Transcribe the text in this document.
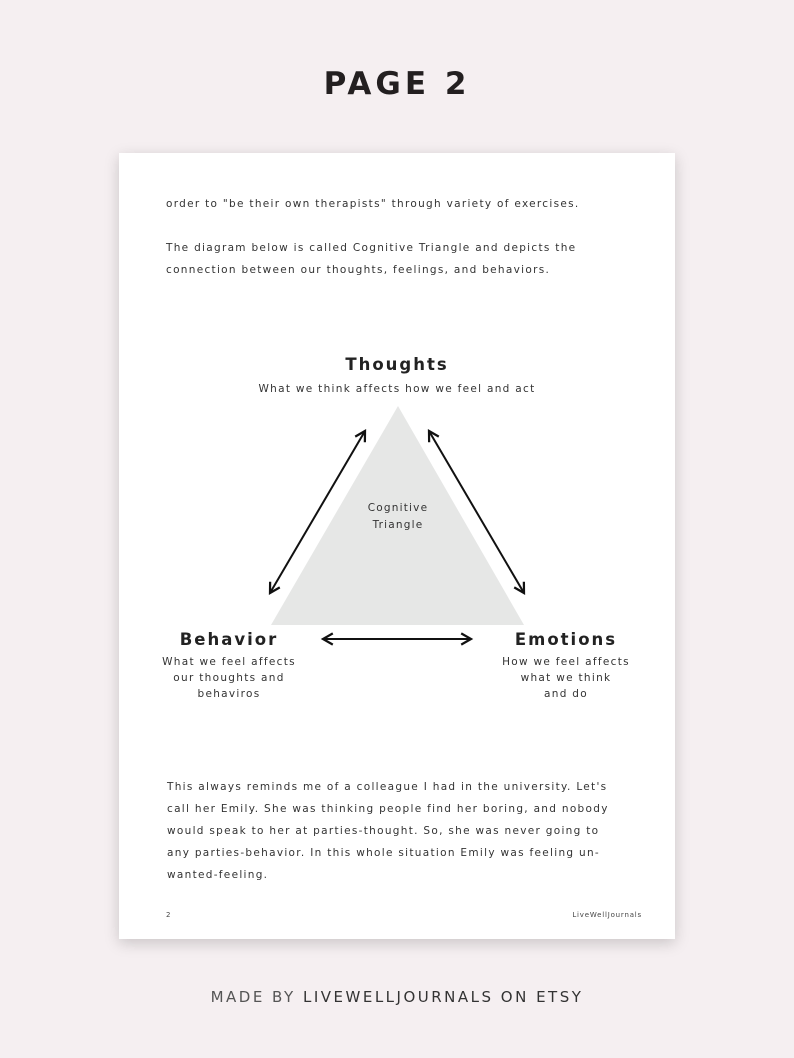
PAGE 2
order to "be their own therapists" through variety of exercises.
The diagram below is called Cognitive Triangle and depicts the
connection between our thoughts, feelings, and behaviors.
Cognitive
Triangle
Thoughts
What we think affects how we feel and act
Behavior
What we feel affects
our thoughts and
behaviros
Emotions
How we feel affects
what we think
and do
This always reminds me of a colleague I had in the university. Let's
call her Emily. She was thinking people find her boring, and nobody
would speak to her at parties-thought. So, she was never going to
any parties-behavior. In this whole situation Emily was feeling un-
wanted-feeling.
2	LiveWellJournals
MADE BY LIVEWELLJOURNALS ON ETSY
